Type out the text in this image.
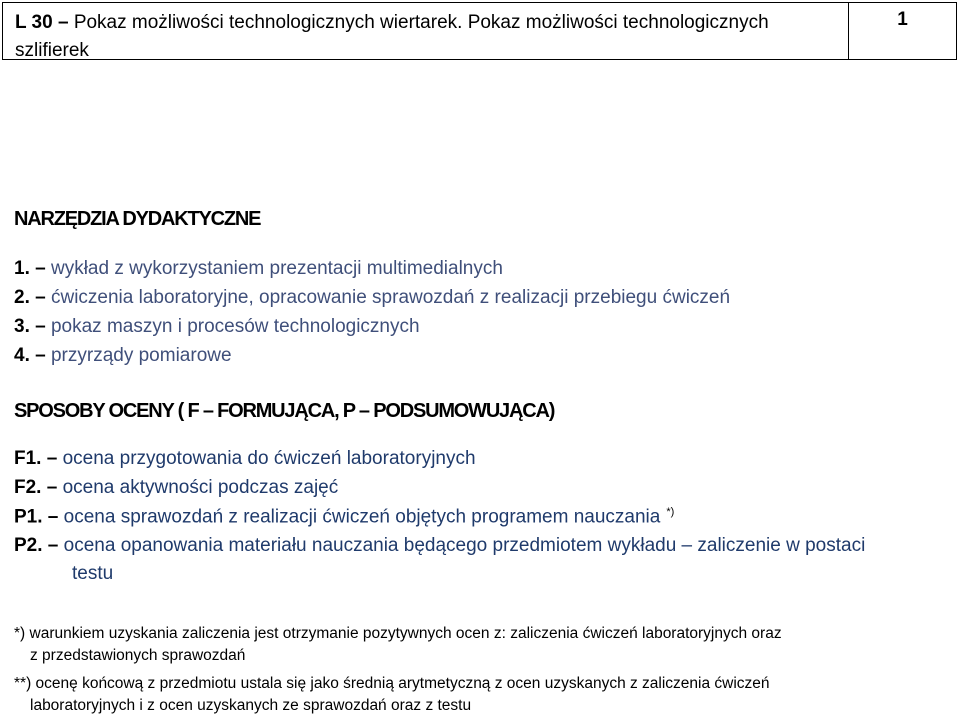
L 30 – Pokaz możliwości technologicznych wiertarek. Pokaz możliwości technologicznych
szlifierek
1
NARZĘDZIA DYDAKTYCZNE
1. – wykład z wykorzystaniem prezentacji multimedialnych
2. – ćwiczenia laboratoryjne, opracowanie sprawozdań z realizacji przebiegu ćwiczeń
3. – pokaz maszyn i procesów technologicznych
4. – przyrządy pomiarowe
SPOSOBY OCENY ( F – FORMUJĄCA, P – PODSUMOWUJĄCA)
F1. – ocena przygotowania do ćwiczeń laboratoryjnych
F2. – ocena aktywności podczas zajęć
P1. – ocena sprawozdań z realizacji ćwiczeń objętych programem nauczania *)
P2. – ocena opanowania materiału nauczania będącego przedmiotem wykładu – zaliczenie w postaci
testu
*) warunkiem uzyskania zaliczenia jest otrzymanie pozytywnych ocen z: zaliczenia ćwiczeń laboratoryjnych oraz
z przedstawionych sprawozdań
**) ocenę końcową z przedmiotu ustala się jako średnią arytmetyczną z ocen uzyskanych z zaliczenia ćwiczeń
laboratoryjnych i z ocen uzyskanych ze sprawozdań oraz z testu
